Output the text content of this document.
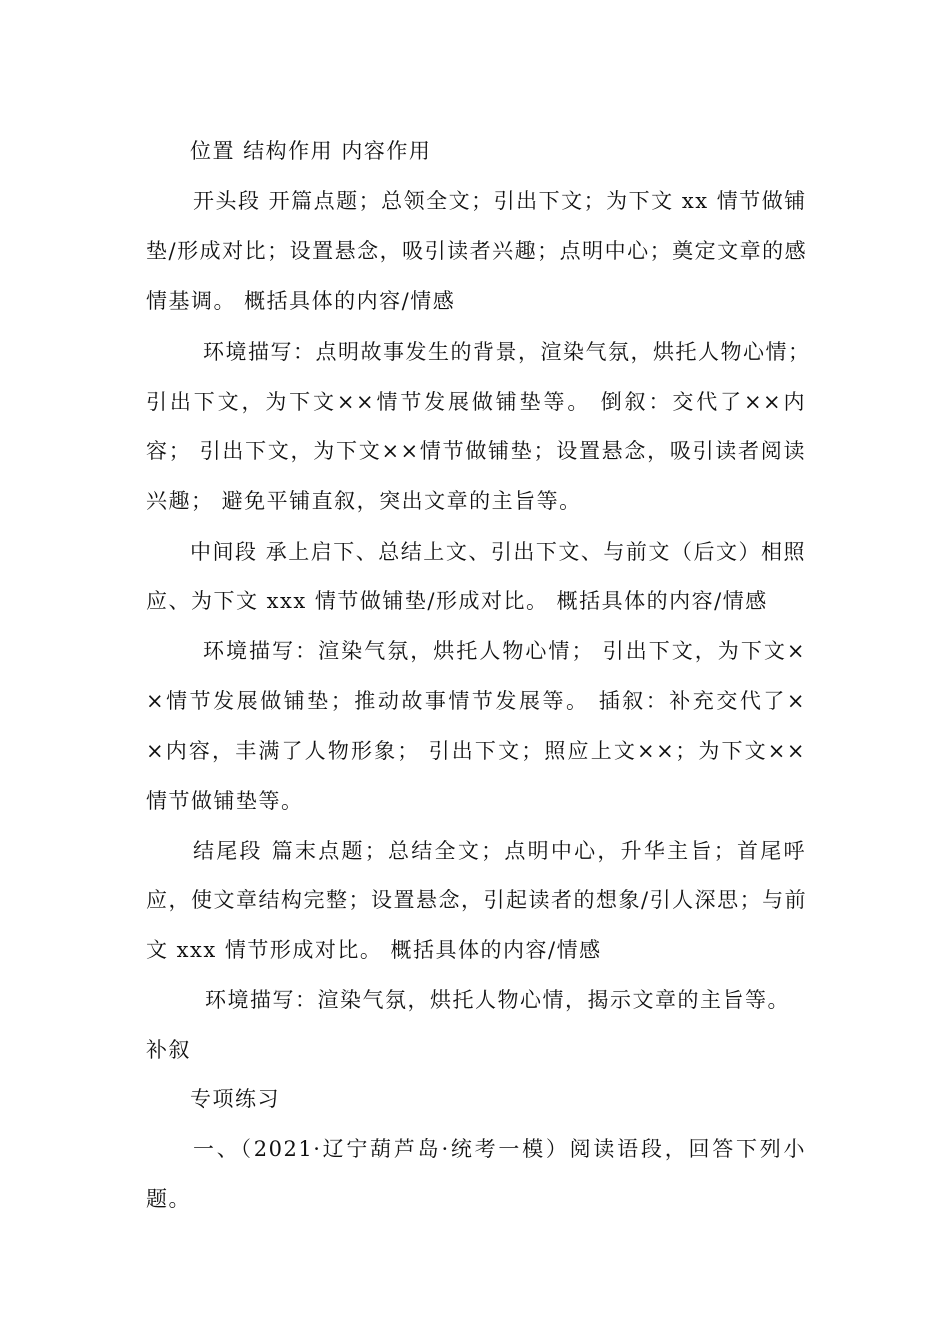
位置 结构作用 内容作用
开头段 开篇点题；总领全文；引出下文；为下文 xx 情节做铺
垫/形成对比；设置悬念，吸引读者兴趣；点明中心；奠定文章的感
情基调。 概括具体的内容/情感
环境描写：点明故事发生的背景，渲染气氛，烘托人物心情；
引出下文，为下文××情节发展做铺垫等。 倒叙：交代了××内
容； 引出下文，为下文××情节做铺垫；设置悬念，吸引读者阅读
兴趣； 避免平铺直叙，突出文章的主旨等。
中间段 承上启下、总结上文、引出下文、与前文（后文）相照
应、为下文 xxx 情节做铺垫/形成对比。 概括具体的内容/情感
环境描写：渲染气氛，烘托人物心情； 引出下文，为下文×
×情节发展做铺垫；推动故事情节发展等。 插叙：补充交代了×
×内容，丰满了人物形象； 引出下文；照应上文××；为下文××
情节做铺垫等。
结尾段 篇末点题；总结全文；点明中心，升华主旨；首尾呼
应，使文章结构完整；设置悬念，引起读者的想象/引人深思；与前
文 xxx 情节形成对比。 概括具体的内容/情感
环境描写：渲染气氛，烘托人物心情，揭示文章的主旨等。
补叙
专项练习
一、（2021·辽宁葫芦岛·统考一模）阅读语段，回答下列小
题。
